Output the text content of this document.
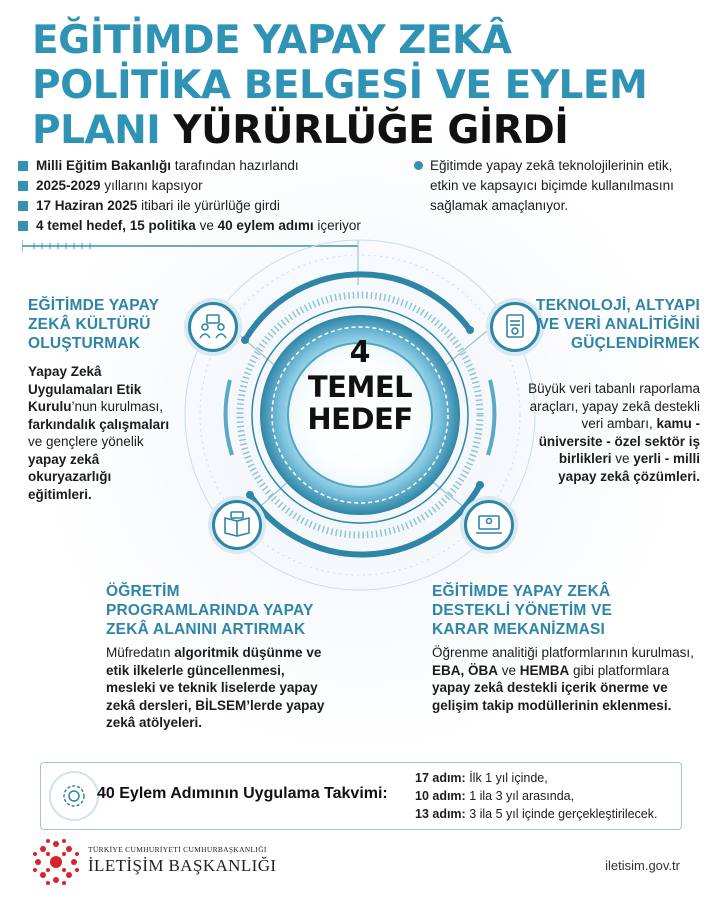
EĞİTİMDE YAPAY ZEKÂ
POLİTİKA BELGESİ VE EYLEM
PLANI YÜRÜRLÜĞE GİRDİ
Milli Eğitim Bakanlığı tarafından hazırlandı
2025-2029 yıllarını kapsıyor
17 Haziran 2025 itibari ile yürürlüğe girdi
4 temel hedef, 15 politika ve 40 eylem adımı içeriyor
Eğitimde yapay zekâ teknolojilerinin etik, etkin ve kapsayıcı biçimde kullanılmasını sağlamak amaçlanıyor.
4
TEMEL
HEDEF
EĞİTİMDE YAPAY ZEKÂ KÜLTÜRÜ OLUŞTURMAK
Yapay Zekâ Uygulamaları Etik Kurulu’nun kurulması, farkındalık çalışmaları ve gençlere yönelik yapay zekâ okuryazarlığı eğitimleri.
TEKNOLOJİ, ALTYAPI VE VERİ ANALİTİĞİNİ GÜÇLENDİRMEK
Büyük veri tabanlı raporlama araçları, yapay zekâ destekli veri ambarı, kamu - üniversite - özel sektör iş birlikleri ve yerli - milli yapay zekâ çözümleri.
ÖĞRETİM PROGRAMLARINDA YAPAY ZEKÂ ALANINI ARTIRMAK
Müfredatın algoritmik düşünme ve etik ilkelerle güncellenmesi, mesleki ve teknik liselerde yapay zekâ dersleri, BİLSEM’lerde yapay zekâ atölyeleri.
EĞİTİMDE YAPAY ZEKÂ DESTEKLİ YÖNETİM VE KARAR MEKANİZMASI
Öğrenme analitiği platformlarının kurulması, EBA, ÖBA ve HEMBA gibi platformlara yapay zekâ destekli içerik önerme ve gelişim takip modüllerinin eklenmesi.
40 Eylem Adımının Uygulama Takvimi:
17 adım: İlk 1 yıl içinde,
10 adım: 1 ila 3 yıl arasında,
13 adım: 3 ila 5 yıl içinde gerçekleştirilecek.
TÜRKİYE CUMHURİYETİ CUMHURBAŞKANLIĞI
İLETİŞİM BAŞKANLIĞI	iletisim.gov.tr
